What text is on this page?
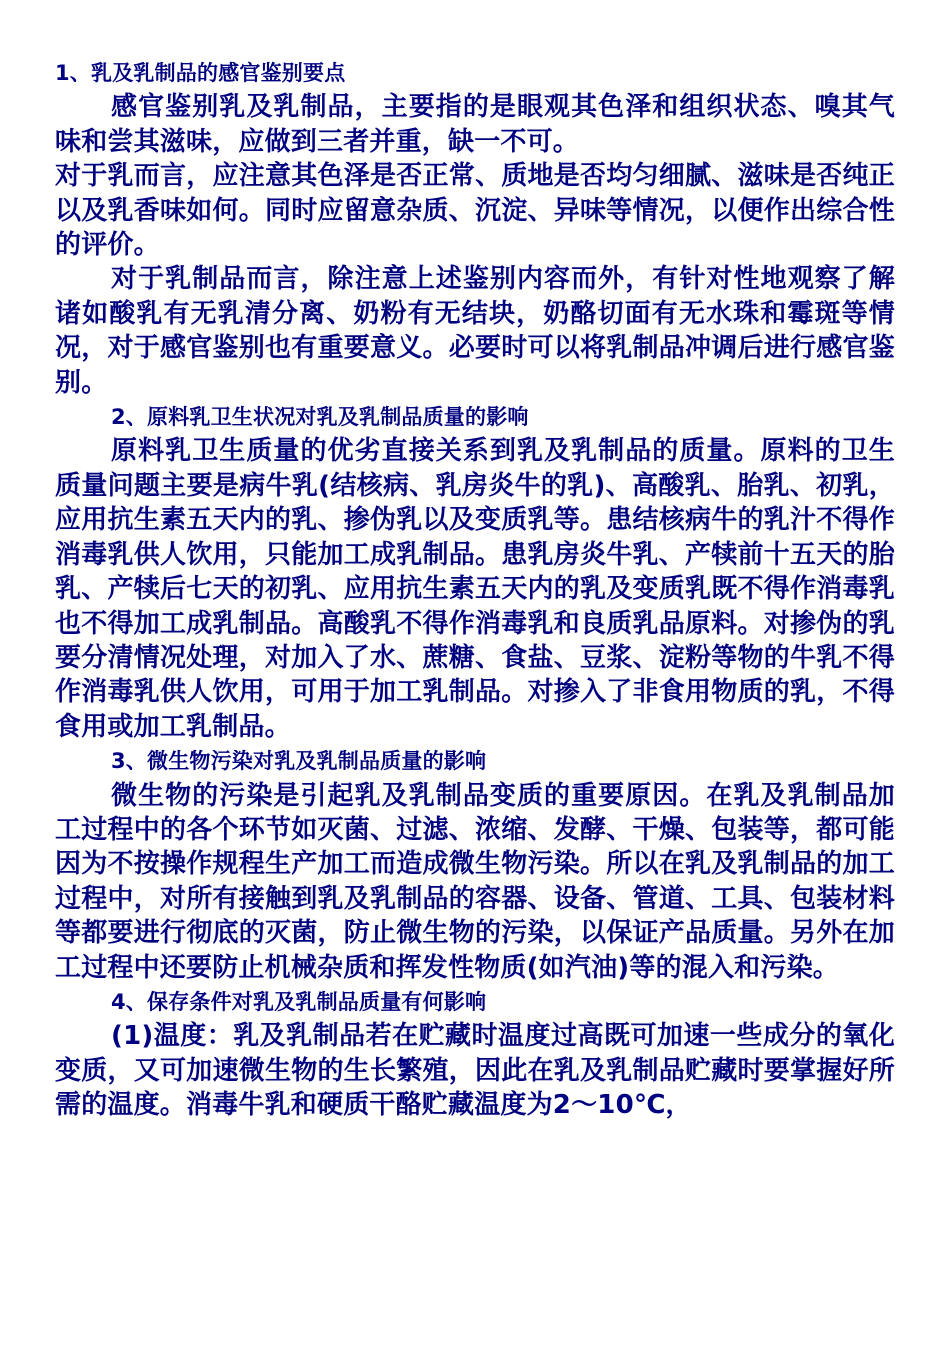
1、乳及乳制品的感官鉴别要点

感官鉴别乳及乳制品，主要指的是眼观其色泽和组织状态、嗅其气味和尝其滋味，应做到三者并重，缺一不可。

对于乳而言，应注意其色泽是否正常、质地是否均匀细腻、滋味是否纯正以及乳香味如何。同时应留意杂质、沉淀、异味等情况，以便作出综合性的评价。

对于乳制品而言，除注意上述鉴别内容而外，有针对性地观察了解诸如酸乳有无乳清分离、奶粉有无结块，奶酪切面有无水珠和霉斑等情况，对于感官鉴别也有重要意义。必要时可以将乳制品冲调后进行感官鉴别。

2、原料乳卫生状况对乳及乳制品质量的影响

原料乳卫生质量的优劣直接关系到乳及乳制品的质量。原料的卫生质量问题主要是病牛乳(结核病、乳房炎牛的乳)、高酸乳、胎乳、初乳，应用抗生素五天内的乳、掺伪乳以及变质乳等。患结核病牛的乳汁不得作消毒乳供人饮用，只能加工成乳制品。患乳房炎牛乳、产犊前十五天的胎乳、产犊后七天的初乳、应用抗生素五天内的乳及变质乳既不得作消毒乳也不得加工成乳制品。高酸乳不得作消毒乳和良质乳品原料。对掺伪的乳要分清情况处理，对加入了水、蔗糖、食盐、豆浆、淀粉等物的牛乳不得作消毒乳供人饮用，可用于加工乳制品。对掺入了非食用物质的乳，不得食用或加工乳制品。

3、微生物污染对乳及乳制品质量的影响

微生物的污染是引起乳及乳制品变质的重要原因。在乳及乳制品加工过程中的各个环节如灭菌、过滤、浓缩、发酵、干燥、包装等，都可能因为不按操作规程生产加工而造成微生物污染。所以在乳及乳制品的加工过程中，对所有接触到乳及乳制品的容器、设备、管道、工具、包装材料等都要进行彻底的灭菌，防止微生物的污染，以保证产品质量。另外在加工过程中还要防止机械杂质和挥发性物质(如汽油)等的混入和污染。

4、保存条件对乳及乳制品质量有何影响

(1)温度：乳及乳制品若在贮藏时温度过高既可加速一些成分的氧化变质，又可加速微生物的生长繁殖，因此在乳及乳制品贮藏时要掌握好所需的温度。消毒牛乳和硬质干酪贮藏温度为2～10℃，
